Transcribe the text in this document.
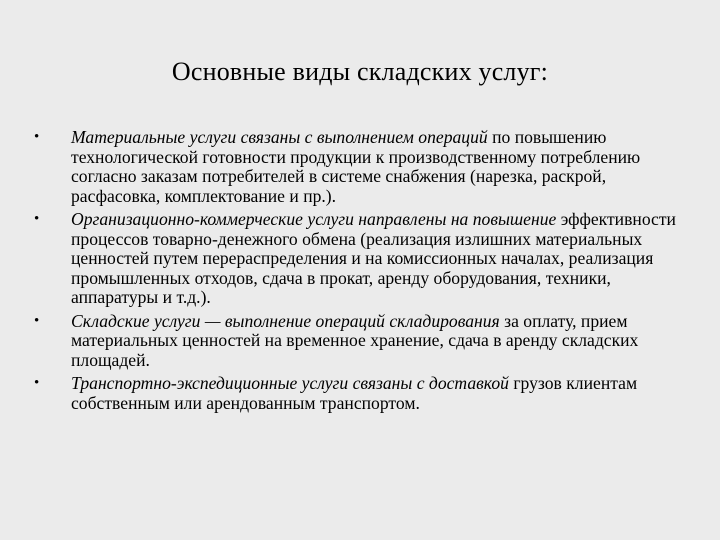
Основные виды складских услуг:
•	Материальные услуги связаны с выполнением операций по повышению технологической готовности продукции к производственному потреблению согласно заказам потребителей в системе снабжения (нарезка, раскрой, расфасовка, комплектование и пр.).
•	Организационно-коммерческие услуги направлены на повышение эффективности процессов товарно-денежного обмена (реализация излишних материальных ценностей путем перераспределения и на комиссионных началах, реализация промышленных отходов, сдача в прокат, аренду оборудования, техники, аппаратуры и т.д.).
•	Складские услуги — выполнение операций складирования за оплату, прием материальных ценностей на временное хранение, сдача в аренду складских площадей.
•	Транспортно-экспедиционные услуги связаны с доставкой грузов клиентам собственным или арендованным транспортом.
